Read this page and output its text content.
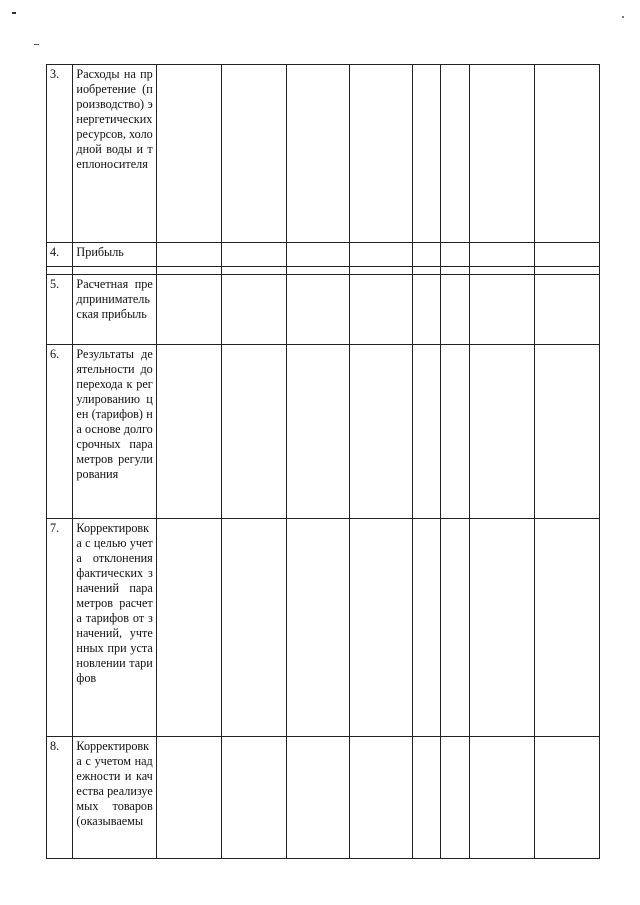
3.	Расходы на приобретение (производство) энергетических ресурсов, холодной воды и теплоносителя								
4.	Прибыль								

5.	Расчетная предпринимательская прибыль								
6.	Результаты деятельности до перехода к регулированию цен (тарифов) на основе долгосрочных параметров регулирования								
7.	Корректировка с целью учета отклонения фактических значений параметров расчета тарифов от значений, учтенных при установлении тарифов								
8.	Корректировка с учетом надежности и качества реализуемых товаров (оказываемы								
